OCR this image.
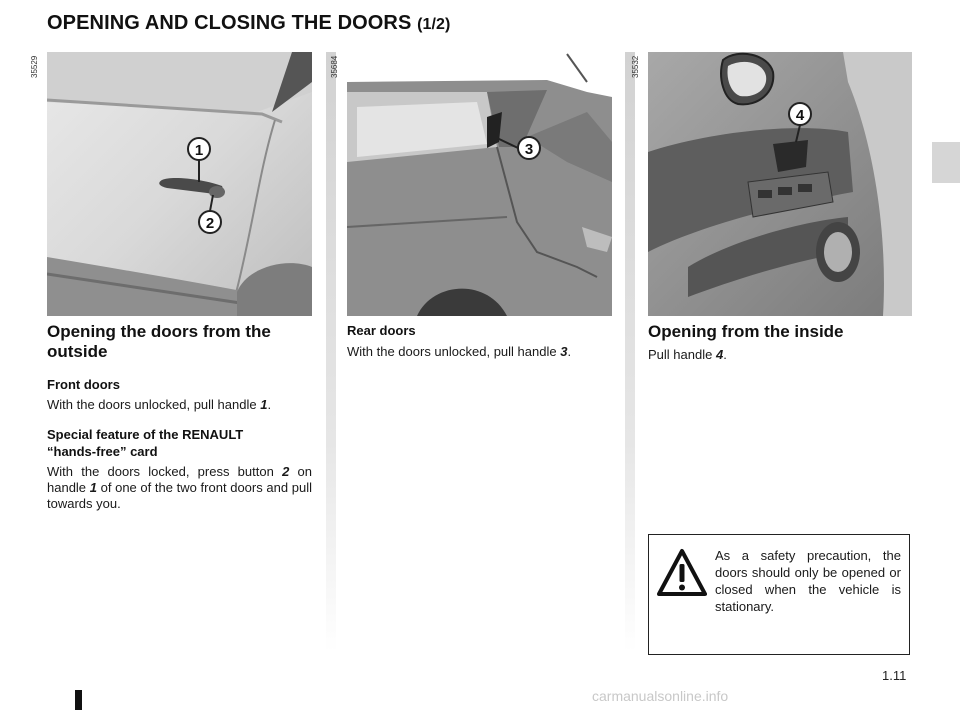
OPENING AND CLOSING THE DOORS (1/2)
1
2
35529
3
35684
4
35532
Opening the doors from the
outside
Front doors

With the doors unlocked, pull handle 1.

Special feature of the RENAULT
“hands-free” card

With the doors locked, press button 2 on handle 1 of one of the two front doors and pull towards you.

Rear doors

With the doors unlocked, pull handle 3.

Opening from the inside

Pull handle 4.

As a safety precaution, the doors should only be opened or closed when the vehicle is stationary.
1.11
carmanualsonline.info
